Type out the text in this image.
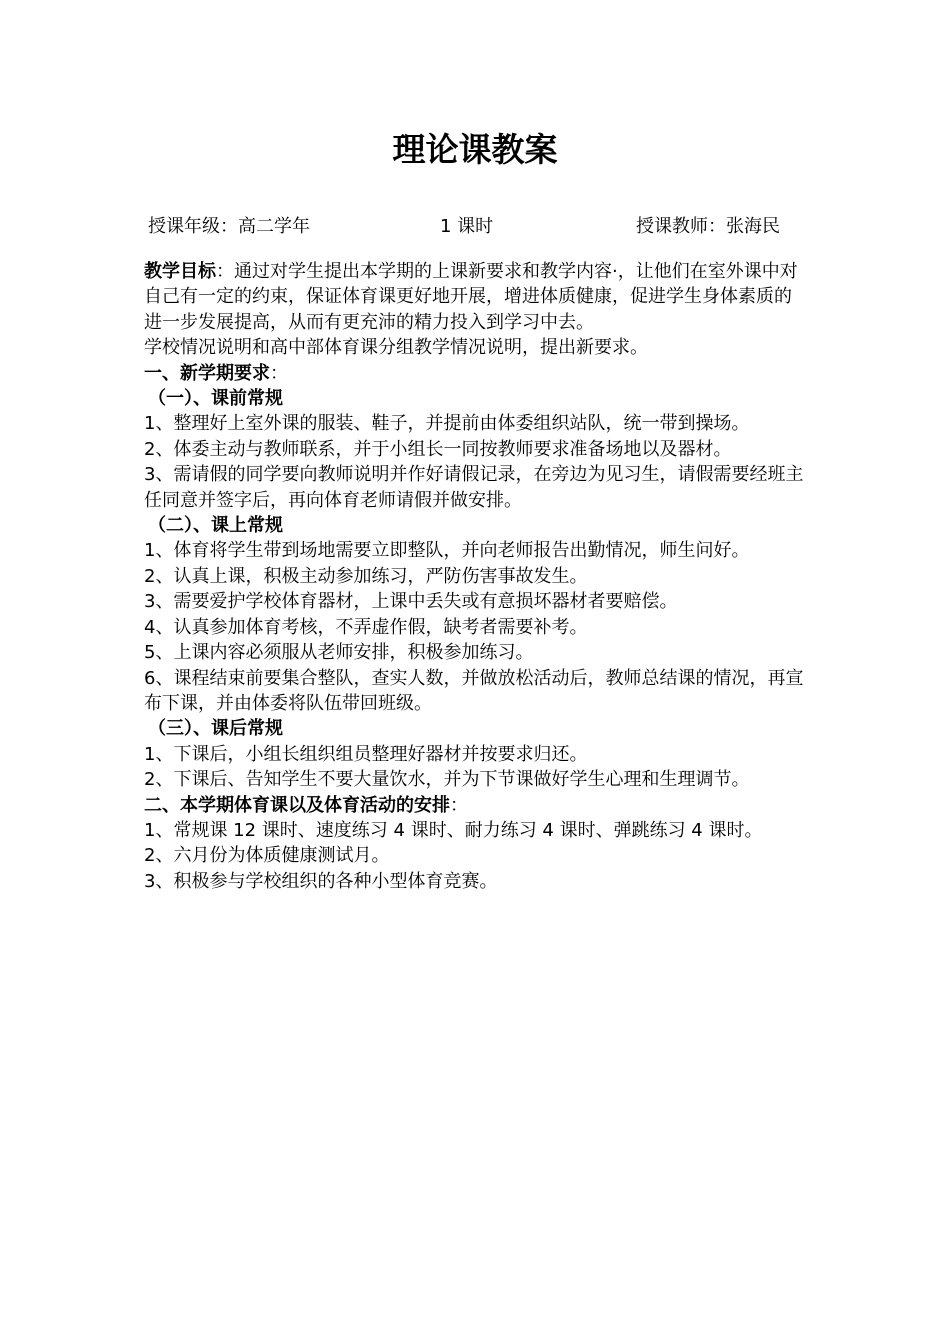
理论课教案
授课年级：高二学年	1 课时	授课教师：张海民

教学目标：通过对学生提出本学期的上课新要求和教学内容·，让他们在室外课中对自己有一定的约束，保证体育课更好地开展，增进体质健康，促进学生身体素质的进一步发展提高，从而有更充沛的精力投入到学习中去。

学校情况说明和高中部体育课分组教学情况说明，提出新要求。

一、新学期要求：

（一）、课前常规

1、整理好上室外课的服装、鞋子，并提前由体委组织站队，统一带到操场。

2、体委主动与教师联系，并于小组长一同按教师要求准备场地以及器材。

3、需请假的同学要向教师说明并作好请假记录，在旁边为见习生，请假需要经班主任同意并签字后，再向体育老师请假并做安排。

（二）、课上常规

1、体育将学生带到场地需要立即整队，并向老师报告出勤情况，师生问好。

2、认真上课，积极主动参加练习，严防伤害事故发生。

3、需要爱护学校体育器材，上课中丢失或有意损坏器材者要赔偿。

4、认真参加体育考核，不弄虚作假，缺考者需要补考。

5、上课内容必须服从老师安排，积极参加练习。

6、课程结束前要集合整队，查实人数，并做放松活动后，教师总结课的情况，再宣布下课，并由体委将队伍带回班级。

（三）、课后常规

1、下课后，小组长组织组员整理好器材并按要求归还。

2、下课后、告知学生不要大量饮水，并为下节课做好学生心理和生理调节。

二、本学期体育课以及体育活动的安排：

1、常规课 12 课时、速度练习 4 课时、耐力练习 4 课时、弹跳练习 4 课时。

2、六月份为体质健康测试月。

3、积极参与学校组织的各种小型体育竞赛。
